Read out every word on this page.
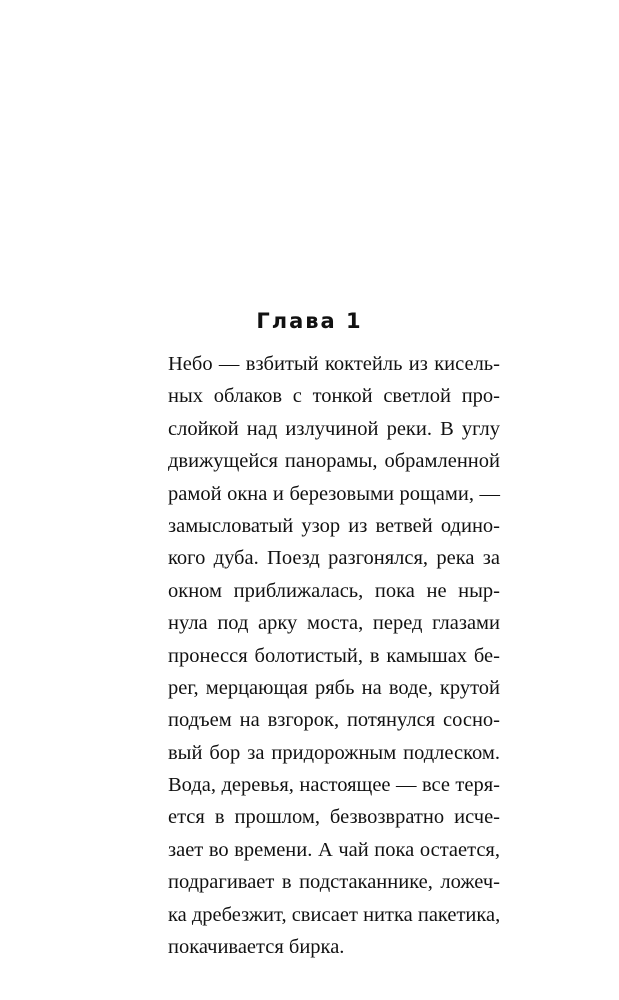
Глава 1
Небо — взбитый коктейль из кисель-
ных облаков с тонкой светлой про-
слойкой над излучиной реки. В углу
движущейся панорамы, обрамленной
рамой окна и березовыми рощами, —
замысловатый узор из ветвей одино-
кого дуба. Поезд разгонялся, река за
окном приближалась, пока не ныр-
нула под арку моста, перед глазами
пронесся болотистый, в камышах бе-
рег, мерцающая рябь на воде, крутой
подъем на взгорок, потянулся сосно-
вый бор за придорожным подлеском.
Вода, деревья, настоящее — все теря-
ется в прошлом, безвозвратно исче-
зает во времени. А чай пока остается,
подрагивает в подстаканнике, ложеч-
ка дребезжит, свисает нитка пакетика,
покачивается бирка.
